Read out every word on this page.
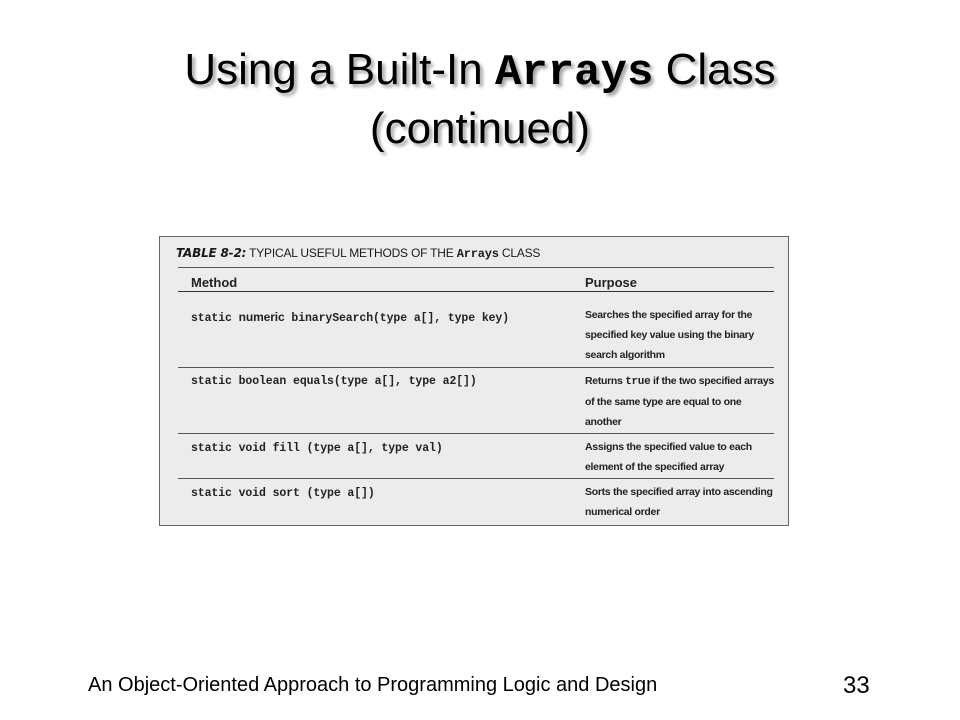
Using a Built-In Arrays Class
(continued)
TABLE 8-2: TYPICAL USEFUL METHODS OF THE Arrays CLASS
Method	Purpose
static numeric binarySearch(type a[], type key)	Searches the specified array for the specified key value using the binary search algorithm
static boolean equals(type a[], type a2[])	Returns true if the two specified arrays of the same type are equal to one another
static void fill (type a[], type val)	Assigns the specified value to each element of the specified array
static void sort (type a[])	Sorts the specified array into ascending numerical order
An Object-Oriented Approach to Programming Logic and Design	33
